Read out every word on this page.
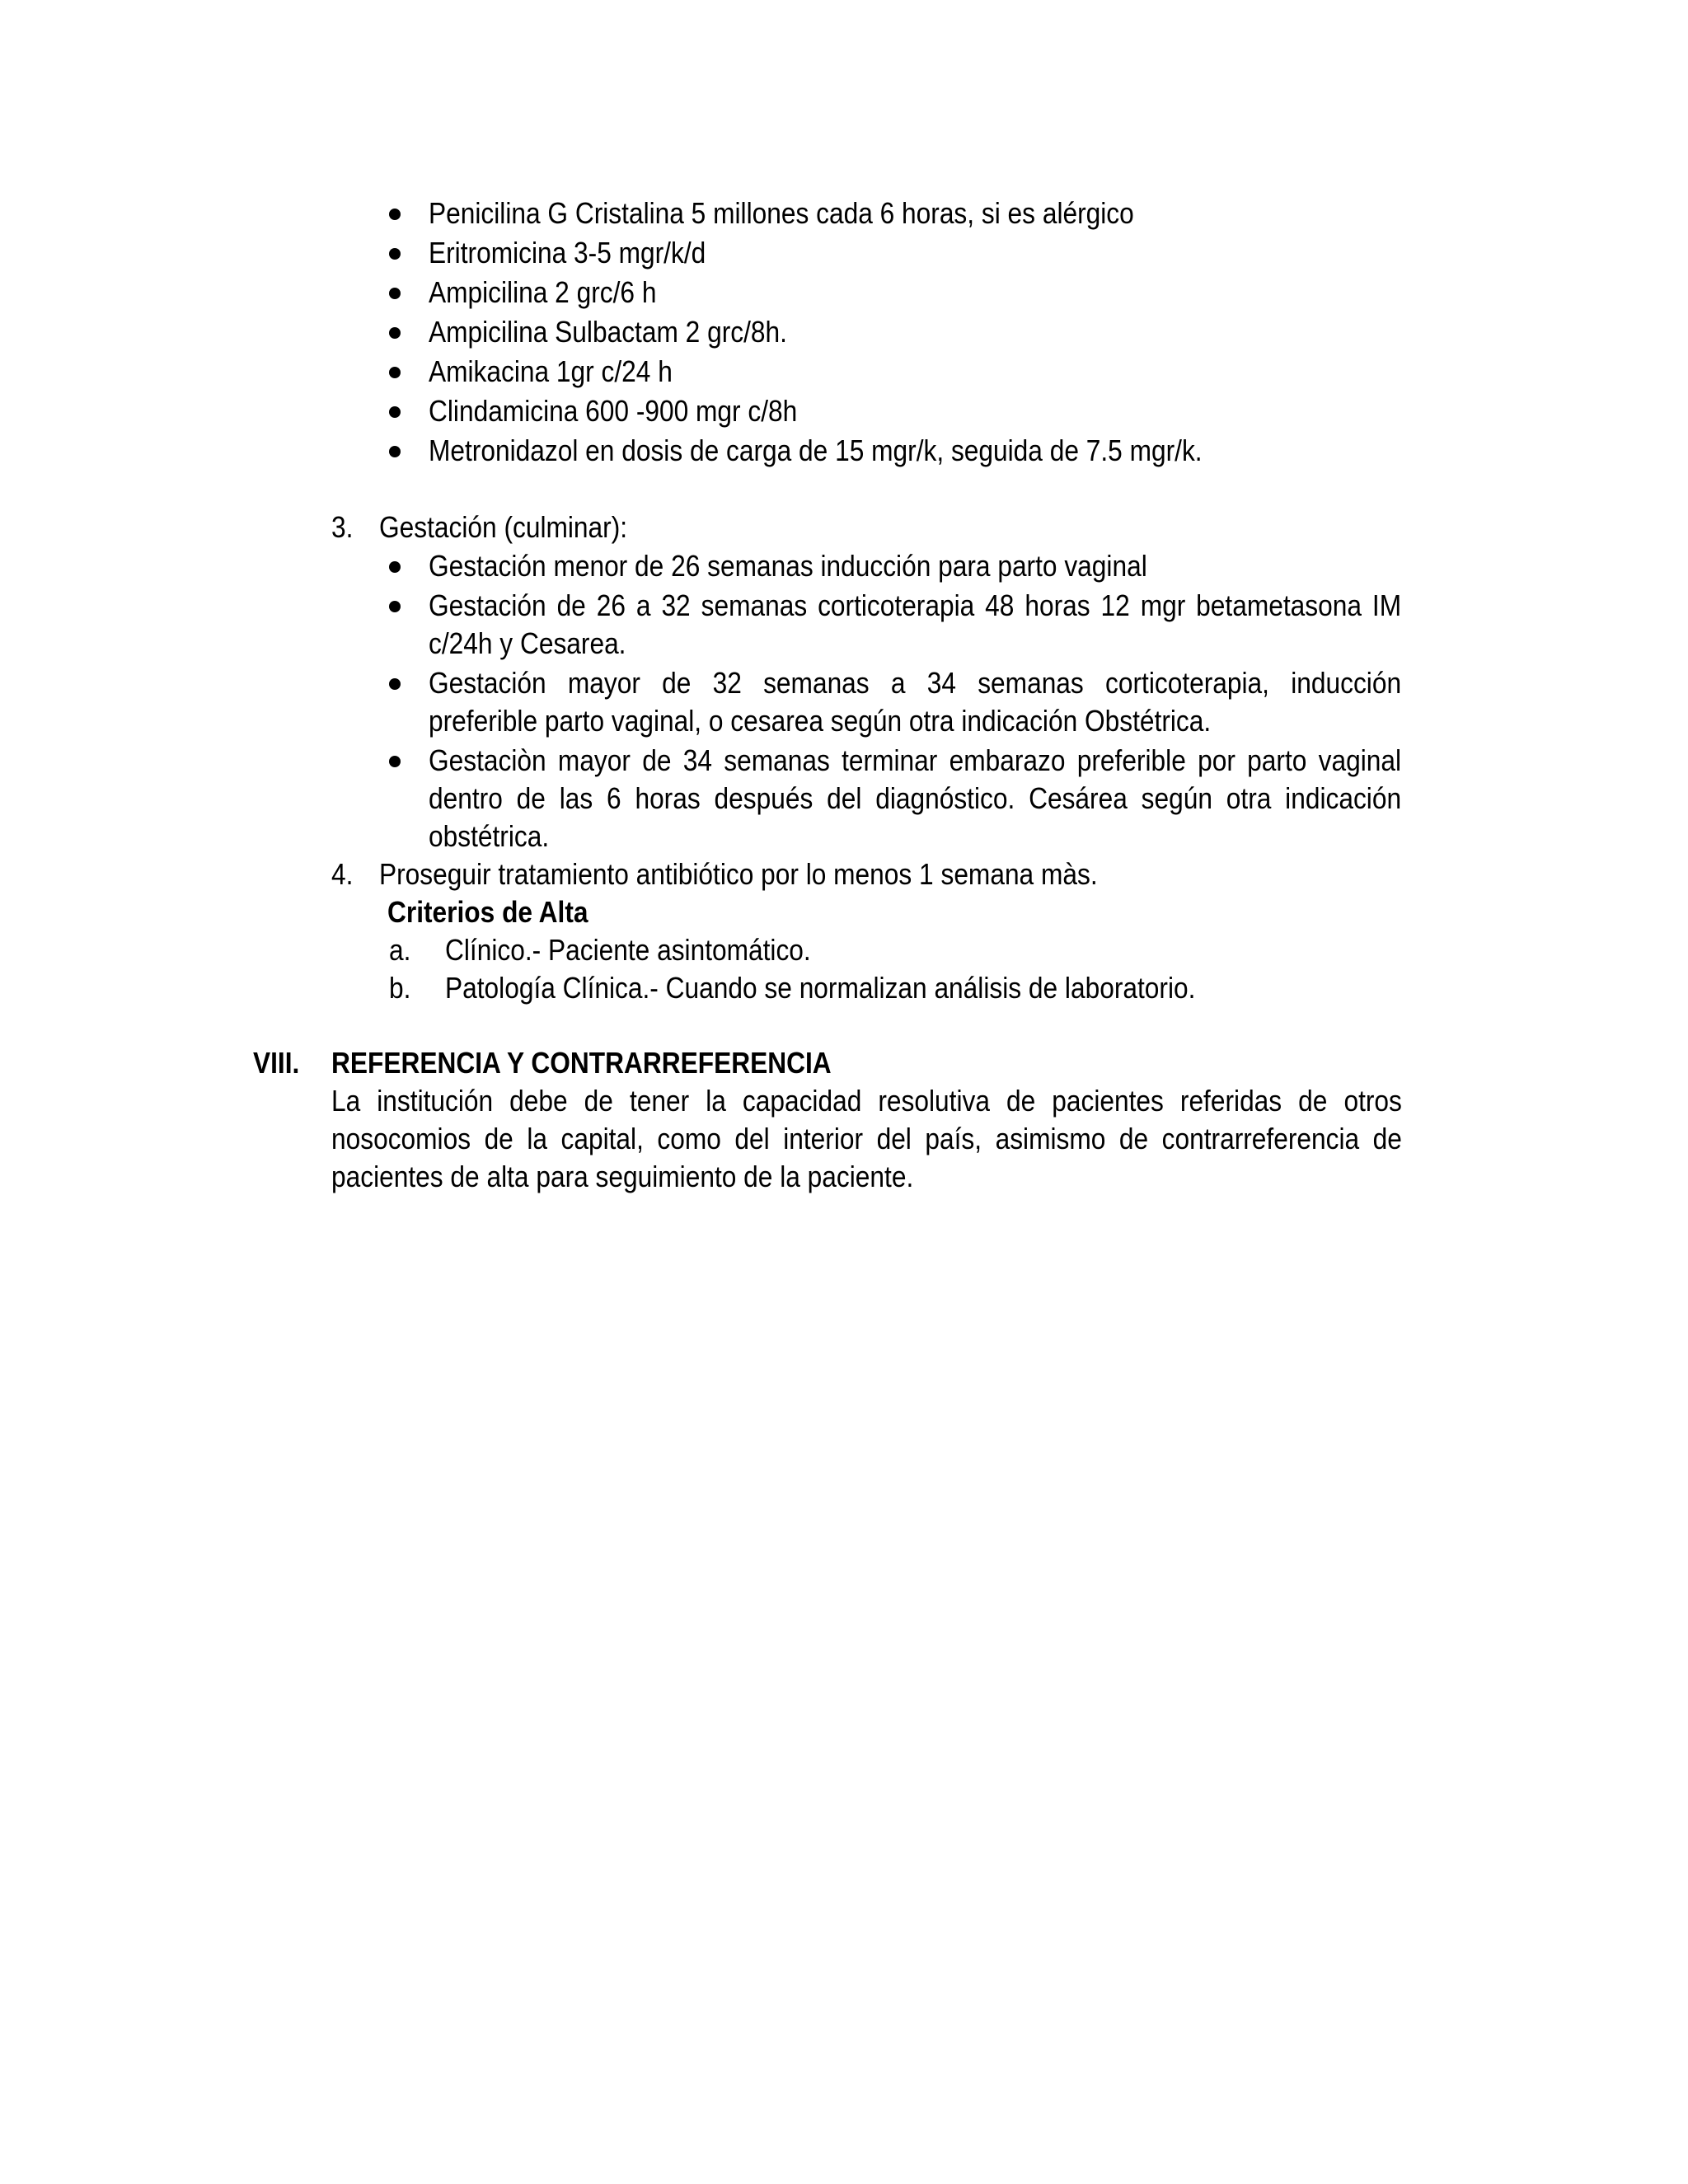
Penicilina G Cristalina 5 millones cada 6 horas, si es alérgico
Eritromicina 3-5 mgr/k/d
Ampicilina 2 grc/6 h
Ampicilina Sulbactam 2 grc/8h.
Amikacina 1gr c/24 h
Clindamicina 600 -900 mgr c/8h
Metronidazol en dosis de carga de 15 mgr/k, seguida de 7.5 mgr/k.
3. Gestación (culminar):
Gestación menor de 26 semanas inducción para parto vaginal
Gestación de 26 a 32 semanas corticoterapia 48 horas 12 mgr betametasona IM
c/24h y Cesarea.
Gestación mayor de 32 semanas a 34 semanas corticoterapia, inducción
preferible parto vaginal, o cesarea según otra indicación Obstétrica.
Gestaciòn mayor de 34 semanas terminar embarazo preferible por parto vaginal
dentro de las 6 horas después del diagnóstico. Cesárea según otra indicación
obstétrica.
4. Proseguir tratamiento antibiótico por lo menos 1 semana màs.
Criterios de Alta
a. Clínico.- Paciente asintomático.
b. Patología Clínica.- Cuando se normalizan análisis de laboratorio.
VIII. REFERENCIA Y CONTRARREFERENCIA
La institución debe de tener la capacidad resolutiva de pacientes referidas de otros
nosocomios de la capital, como del interior del país, asimismo de contrarreferencia de
pacientes de alta para seguimiento de la paciente.
